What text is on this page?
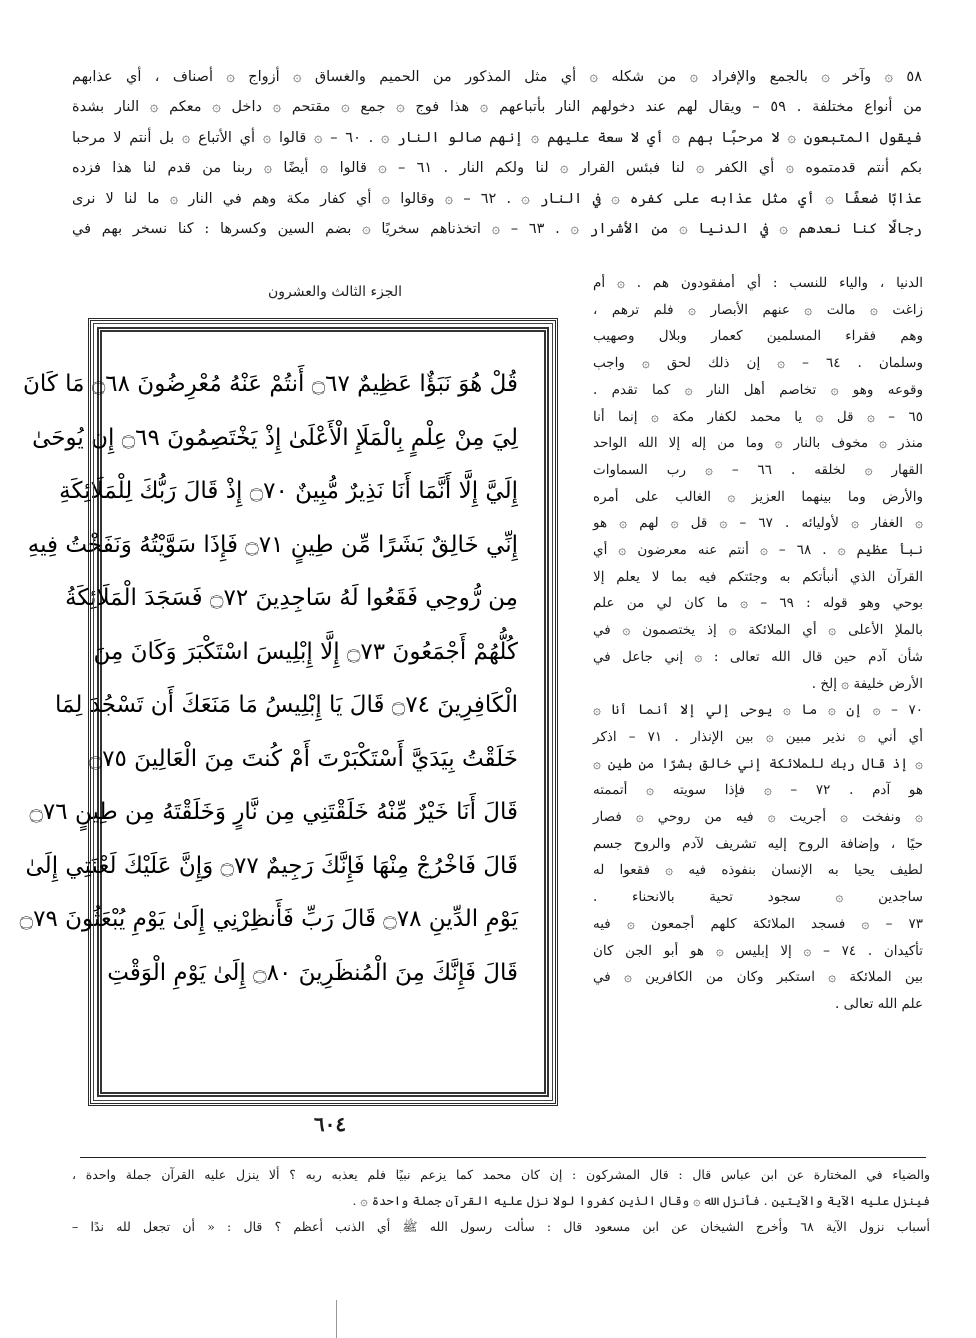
٥٨ ۞ وآخر ۞ بالجمع والإفراد ۞ من شكله ۞ أي مثل المذكور من الحميم والغساق ۞ أزواج ۞ أصناف ، أي عذابهم

من أنواع مختلفة . ٥٩ – ويقال لهم عند دخولهم النار بأتباعهم ۞ هذا فوج ۞ جمع ۞ مقتحم ۞ داخل ۞ معكم ۞ النار بشدة

فيقول المتبعون ۞ لا مرحبًا بهم ۞ أي لا سعة عليهم ۞ إنهم صالو النار ۞ . ٦٠ – ۞ قالوا ۞ أي الأتباع ۞ بل أنتم لا مرحبا

بكم أنتم قدمتموه ۞ أي الكفر ۞ لنا فبئس القرار ۞ لنا ولكم النار . ٦١ – ۞ قالوا ۞ أيضًا ۞ ربنا من قدم لنا هذا فزده

عذابًا ضعفًا ۞ أي مثل عذابه على كفره ۞ في النار ۞ . ٦٢ – ۞ وقالوا ۞ أي كفار مكة وهم في النار ۞ ما لنا لا نرى

رجالًا كنا نعدهم ۞ في الدنيا ۞ من الأشرار ۞ . ٦٣ – ۞ اتخذناهم سخريًا ۞ بضم السين وكسرها : كنا نسخر بهم في

الجزء الثالث والعشرون
قُلْ هُوَ نَبَؤٌا عَظِيمٌ ۝٦٧ أَنتُمْ عَنْهُ مُعْرِضُونَ ۝٦٨ مَا كَانَ
لِيَ مِنْ عِلْمٍ بِالْمَلَإِ الْأَعْلَىٰ إِذْ يَخْتَصِمُونَ ۝٦٩ إِن يُوحَىٰ
إِلَيَّ إِلَّا أَنَّمَا أَنَا نَذِيرٌ مُّبِينٌ ۝٧٠ إِذْ قَالَ رَبُّكَ لِلْمَلَائِكَةِ
إِنِّي خَالِقٌ بَشَرًا مِّن طِينٍ ۝٧١ فَإِذَا سَوَّيْتُهُ وَنَفَخْتُ فِيهِ
مِن رُّوحِي فَقَعُوا لَهُ سَاجِدِينَ ۝٧٢ فَسَجَدَ الْمَلَائِكَةُ
كُلُّهُمْ أَجْمَعُونَ ۝٧٣ إِلَّا إِبْلِيسَ اسْتَكْبَرَ وَكَانَ مِنَ
الْكَافِرِينَ ۝٧٤ قَالَ يَا إِبْلِيسُ مَا مَنَعَكَ أَن تَسْجُدَ لِمَا
خَلَقْتُ بِيَدَيَّ أَسْتَكْبَرْتَ أَمْ كُنتَ مِنَ الْعَالِينَ ۝٧٥
قَالَ أَنَا خَيْرٌ مِّنْهُ خَلَقْتَنِي مِن نَّارٍ وَخَلَقْتَهُ مِن طِينٍ ۝٧٦
قَالَ فَاخْرُجْ مِنْهَا فَإِنَّكَ رَجِيمٌ ۝٧٧ وَإِنَّ عَلَيْكَ لَعْنَتِي إِلَىٰ
يَوْمِ الدِّينِ ۝٧٨ قَالَ رَبِّ فَأَنظِرْنِي إِلَىٰ يَوْمِ يُبْعَثُونَ ۝٧٩
قَالَ فَإِنَّكَ مِنَ الْمُنظَرِينَ ۝٨٠ إِلَىٰ يَوْمِ الْوَقْتِ
٦٠٤

الدنيا ، والياء للنسب : أي أمفقودون هم . ۞ أم

زاغت ۞ مالت ۞ عنهم الأبصار ۞ فلم ترهم ،

وهم فقراء المسلمين كعمار وبلال وصهيب

وسلمان . ٦٤ – ۞ إن ذلك لحق ۞ واجب

وقوعه وهو ۞ تخاصم أهل النار ۞ كما تقدم .

٦٥ – ۞ قل ۞ يا محمد لكفار مكة ۞ إنما أنا

منذر ۞ مخوف بالنار ۞ وما من إله إلا الله الواحد

القهار ۞ لخلقه . ٦٦ – ۞ رب السماوات

والأرض وما بينهما العزيز ۞ الغالب على أمره

۞ الغفار ۞ لأوليائه . ٦٧ – ۞ قل ۞ لهم ۞ هو

نبأ عظيم ۞ . ٦٨ – ۞ أنتم عنه معرضون ۞ أي

القرآن الذي أنبأتكم به وجئتكم فيه بما لا يعلم إلا

بوحي وهو قوله : ٦٩ – ۞ ما كان لي من علم

بالملإ الأعلى ۞ أي الملائكة ۞ إذ يختصمون ۞ في

شأن آدم حين قال الله تعالى : ۞ إني جاعل في

الأرض خليفة ۞ إلخ .

٧٠ – ۞ إن ۞ ما ۞ يوحى إلي إلا أنما أنا ۞

أي أني ۞ نذير مبين ۞ بين الإنذار . ٧١ – اذكر

۞ إذ قال ربك للملائكة إني خالق بشرًا من طين ۞

هو آدم . ٧٢ – ۞ فإذا سويته ۞ أتممته

۞ ونفخت ۞ أجريت ۞ فيه من روحي ۞ فصار

حيًا ، وإضافة الروح إليه تشريف لآدم والروح جسم

لطيف يحيا به الإنسان بنفوذه فيه ۞ فقعوا له

ساجدين ۞ سجود تحية بالانحناء .

٧٣ – ۞ فسجد الملائكة كلهم أجمعون ۞ فيه

تأكيدان . ٧٤ – ۞ إلا إبليس ۞ هو أبو الجن كان

بين الملائكة ۞ استكبر وكان من الكافرين ۞ في

علم الله تعالى .

والضياء في المختارة عن ابن عباس قال : قال المشركون : إن كان محمد كما يزعم نبيًا فلم يعذبه ربه ؟ ألا ينزل عليه القرآن جملة واحدة ،

فينزل عليه الآية والآيتين . فأنزل الله ۞ وقال الذين كفروا لولا نزل عليه القرآن جملة واحدة ۞ .

أسباب نزول الآية ٦٨ وأخرج الشيخان عن ابن مسعود قال : سألت رسول الله ﷺ أي الذنب أعظم ؟ قال : « أن تجعل لله ندًا –
